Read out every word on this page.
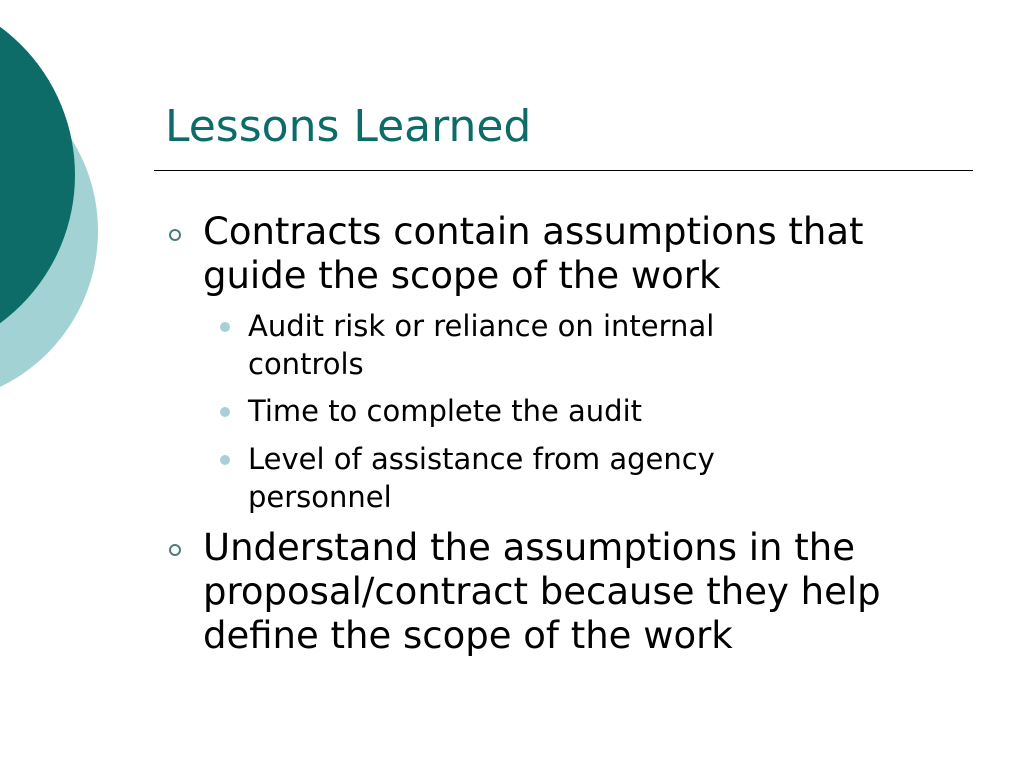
Lessons Learned
Contracts contain assumptions that
guide the scope of the work
Audit risk or reliance on internal
controls
Time to complete the audit
Level of assistance from agency
personnel
Understand the assumptions in the
proposal/contract because they help
define the scope of the work
